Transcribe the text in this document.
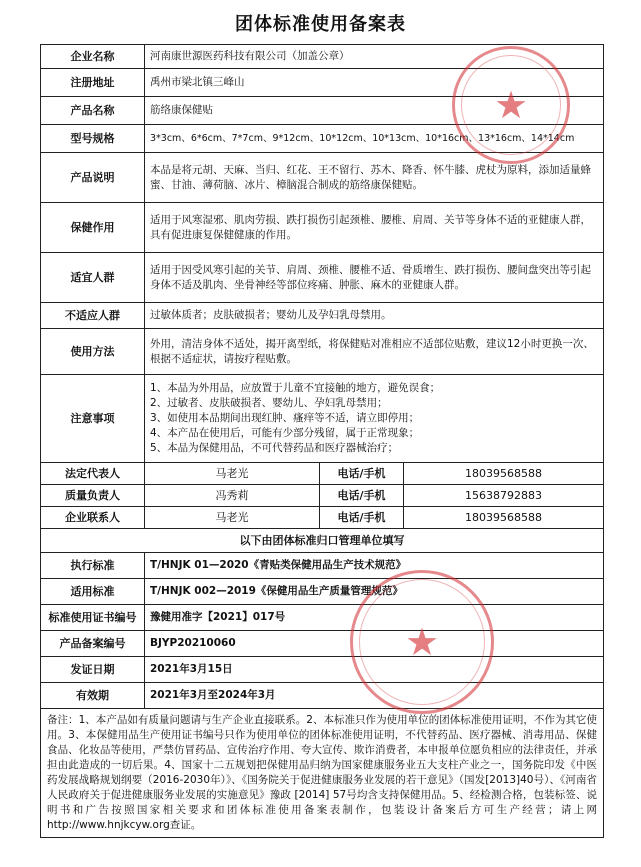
团体标准使用备案表
企业名称	河南康世源医药科技有限公司（加盖公章）		
注册地址	禹州市梁北镇三峰山		
产品名称	筋络康保健贴		
型号规格	3*3cm、6*6cm、7*7cm、9*12cm、10*12cm、10*13cm、10*16cm、13*16cm、14*14cm		
产品说明	本品是将元胡、天麻、当归、红花、王不留行、苏木、降香、怀牛膝、虎杖为原料，添加适量蜂蜜、甘油、薄荷脑、冰片、樟脑混合制成的筋络康保健贴。		
保健作用	适用于风寒湿邪、肌肉劳损、跌打损伤引起颈椎、腰椎、肩周、关节等身体不适的亚健康人群，具有促进康复保健健康的作用。		
适宜人群	适用于因受风寒引起的关节、肩周、颈椎、腰椎不适、骨质增生、跌打损伤、腰间盘突出等引起身体不适及肌肉、坐骨神经等部位疼痛、肿胀、麻木的亚健康人群。		
不适应人群	过敏体质者；皮肤破损者；婴幼儿及孕妇乳母禁用。		
使用方法	外用，清洁身体不适处，揭开离型纸，将保健贴对准相应不适部位贴敷，建议12小时更换一次、根据不适症状，请按疗程贴敷。		
注意事项	1、本品为外用品，应放置于儿童不宜接触的地方，避免误食；
2、过敏者、皮肤破损者、婴幼儿、孕妇乳母禁用；
3、如使用本品期间出现红肿、瘙痒等不适，请立即停用；
4、本产品在使用后，可能有少部分残留，属于正常现象；
5、本品为保健用品，不可代替药品和医疗器械治疗；		

法定代表人	马老光	电话/手机	18039568588
质量负责人	冯秀莉	电话/手机	15638792883
企业联系人	马老光	电话/手机	18039568588
以下由团体标准归口管理单位填写			
执行标准	T/HNJK 01—2020《青贴类保健用品生产技术规范》		
适用标准	T/HNJK 002—2019《保健用品生产质量管理规范》		
标准使用证书编号	豫健用准字【2021】017号		
产品备案编号	BJYP20210060		
发证日期	2021年3月15日		
有效期	2021年3月至2024年3月		
备注：1、本产品如有质量问题请与生产企业直接联系。2、本标准只作为使用单位的团体标准使用证明，不作为其它使用。3、本保健用品生产使用证书编号只作为使用单位的团体标准使用证明，不代替药品、医疗器械、消毒用品、保健食品、化妆品等使用，严禁仿冒药品、宣传治疗作用、夸大宣传、欺诈消费者，本申报单位愿负相应的法律责任，并承担由此造成的一切后果。4、国家十二五规划把保健用品归纳为国家健康服务业五大支柱产业之一，国务院印发《中医药发展战略规划纲要（2016-2030年）》、《国务院关于促进健康服务业发展的若干意见》（国发[2013]40号）、《河南省人民政府关于促进健康服务业发展的实施意见》豫政 [2014] 57号均含支持保健用品。5、经检测合格，包装标签、说明书和广告按照国家相关要求和团体标准使用备案表制作，包装设计备案后方可生产经营；请上网http://www.hnjkcyw.org查证。			
★
★
